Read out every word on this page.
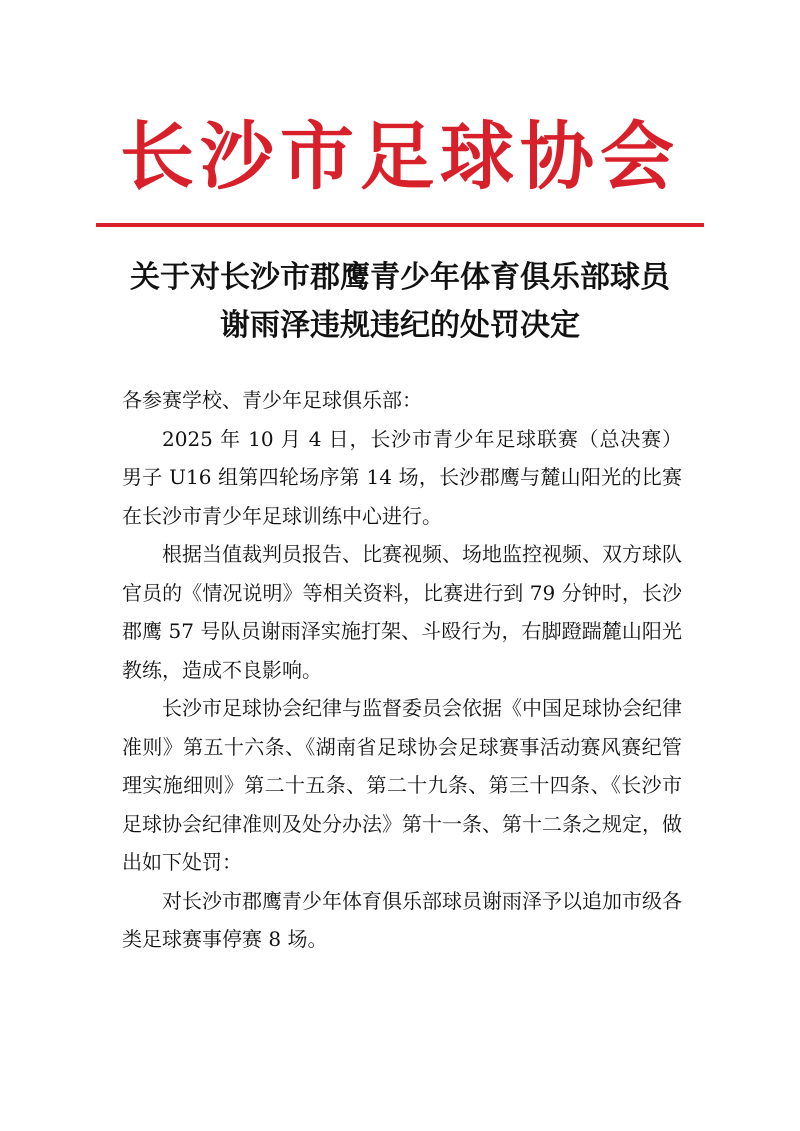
长沙市足球协会
关于对长沙市郡鹰青少年体育俱乐部球员
谢雨泽违规违纪的处罚决定

各参赛学校、青少年足球俱乐部：

2025 年 10 月 4 日，长沙市青少年足球联赛（总决赛）男子 U16 组第四轮场序第 14 场，长沙郡鹰与麓山阳光的比赛在长沙市青少年足球训练中心进行。

根据当值裁判员报告、比赛视频、场地监控视频、双方球队官员的《情况说明》等相关资料，比赛进行到 79 分钟时，长沙郡鹰 57 号队员谢雨泽实施打架、斗殴行为，右脚蹬踹麓山阳光教练，造成不良影响。

长沙市足球协会纪律与监督委员会依据《中国足球协会纪律准则》第五十六条、《湖南省足球协会足球赛事活动赛风赛纪管理实施细则》第二十五条、第二十九条、第三十四条、《长沙市足球协会纪律准则及处分办法》第十一条、第十二条之规定，做出如下处罚：

对长沙市郡鹰青少年体育俱乐部球员谢雨泽予以追加市级各类足球赛事停赛 8 场。
